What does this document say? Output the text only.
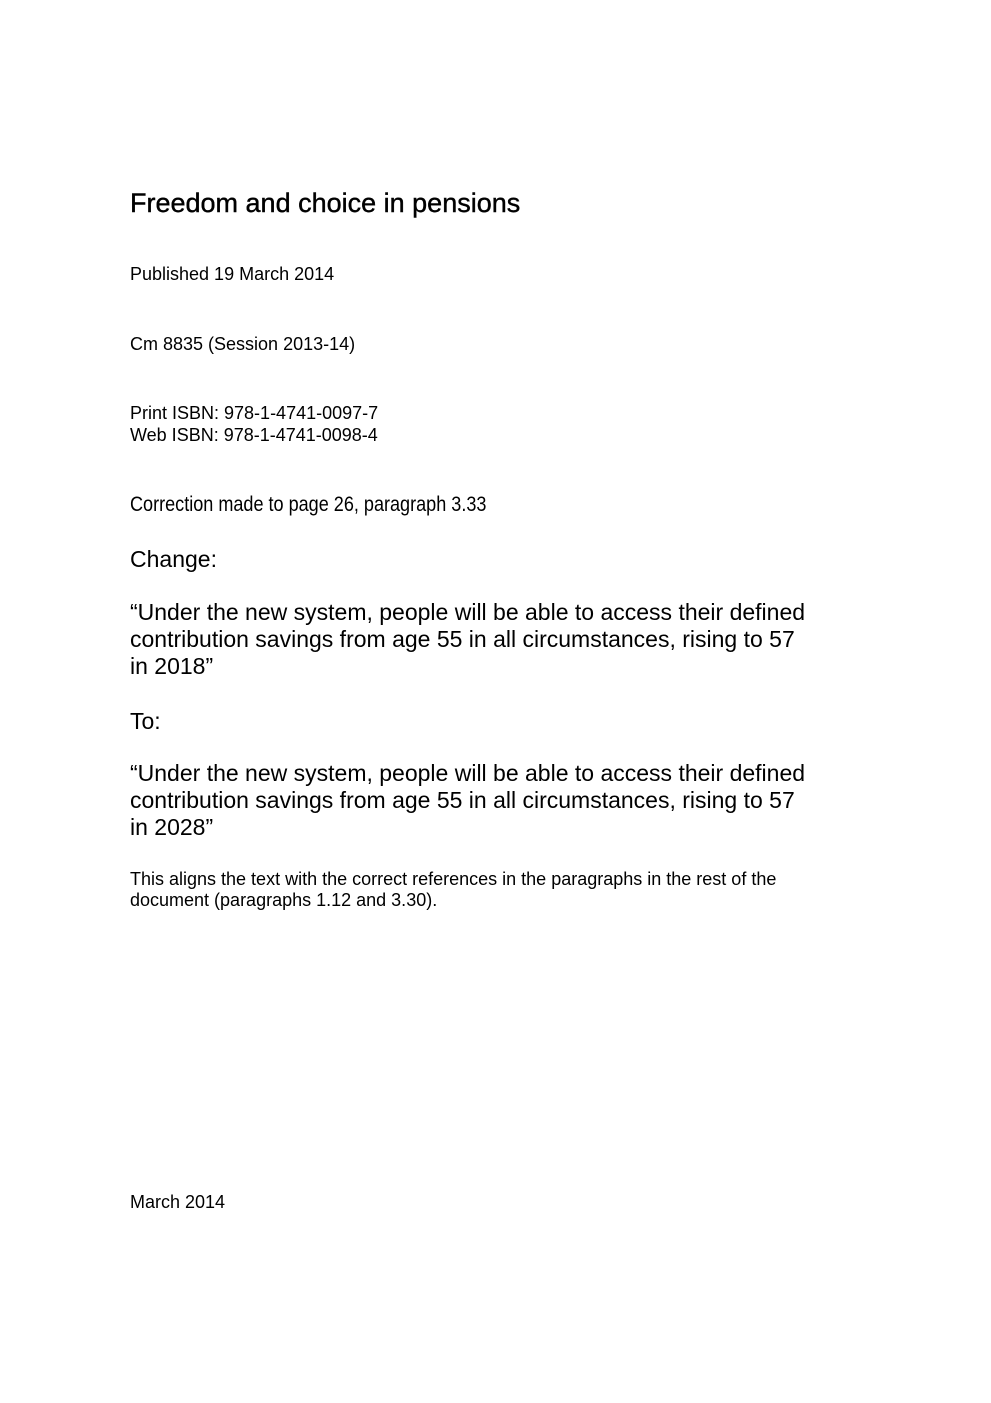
Freedom and choice in pensions

Published 19 March 2014

Cm 8835 (Session 2013-14)

Print ISBN: 978-1-4741-0097-7
Web ISBN: 978-1-4741-0098-4

Correction made to page 26, paragraph 3.33

Change:

“Under the new system, people will be able to access their defined
contribution savings from age 55 in all circumstances, rising to 57
in 2018”

To:

“Under the new system, people will be able to access their defined
contribution savings from age 55 in all circumstances, rising to 57
in 2028”
This aligns the text with the correct references in the paragraphs in the rest of the
document (paragraphs 1.12 and 3.30).

March 2014
